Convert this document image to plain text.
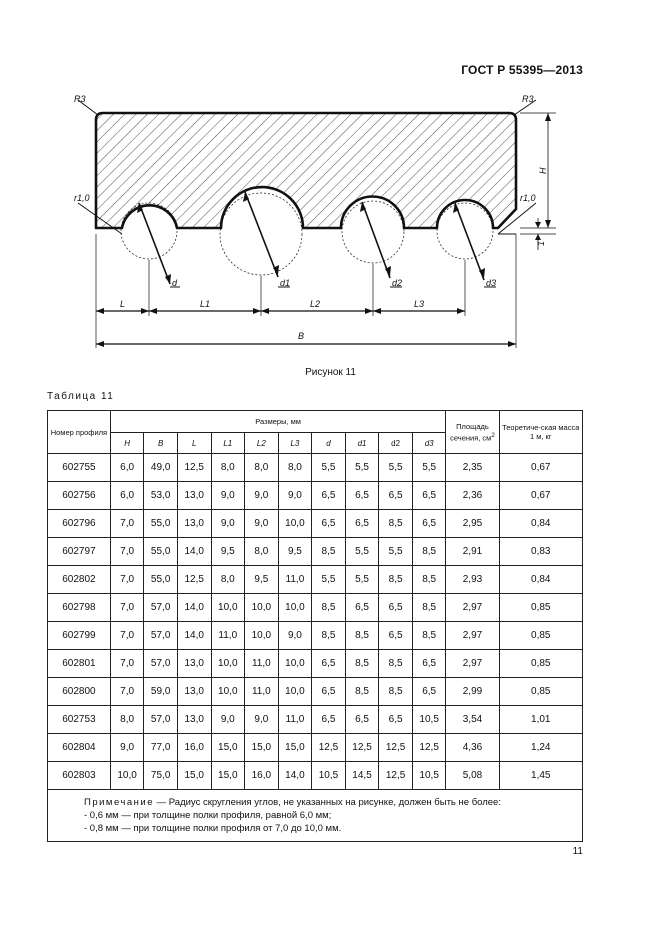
ГОСТ Р 55395—2013
R3	R3
r1,0	r1,0
H
1
d	d1	d2	d3
L	L1	L2	L3
B
Рисунок 11
Таблица 11
Номер профиля	Размеры, мм										Площадь сечения, $см^2$	Теоретиче-ская масса 1 м, кг
	H	B	L	L1	L2	L3	d	d1	d2	d3		
602755	6,0	49,0	12,5	8,0	8,0	8,0	5,5	5,5	5,5	5,5	2,35	0,67
602756	6,0	53,0	13,0	9,0	9,0	9,0	6,5	6,5	6,5	6,5	2,36	0,67
602796	7,0	55,0	13,0	9,0	9,0	10,0	6,5	6,5	8,5	6,5	2,95	0,84
602797	7,0	55,0	14,0	9,5	8,0	9,5	8,5	5,5	5,5	8,5	2,91	0,83
602802	7,0	55,0	12,5	8,0	9,5	11,0	5,5	5,5	8,5	8,5	2,93	0,84
602798	7,0	57,0	14,0	10,0	10,0	10,0	8,5	6,5	6,5	8,5	2,97	0,85
602799	7,0	57,0	14,0	11,0	10,0	9,0	8,5	8,5	6,5	8,5	2,97	0,85
602801	7,0	57,0	13,0	10,0	11,0	10,0	6,5	8,5	8,5	6,5	2,97	0,85
602800	7,0	59,0	13,0	10,0	11,0	10,0	6,5	8,5	8,5	6,5	2,99	0,85
602753	8,0	57,0	13,0	9,0	9,0	11,0	6,5	6,5	6,5	10,5	3,54	1,01
602804	9,0	77,0	16,0	15,0	15,0	15,0	12,5	12,5	12,5	12,5	4,36	1,24
602803	10,0	75,0	15,0	15,0	16,0	14,0	10,5	14,5	12,5	10,5	5,08	1,45

Примечание — Радиус скругления углов, не указанных на рисунке, должен быть не более:
- 0,6 мм — при толщине полки профиля, равной 6,0 мм;
- 0,8 мм — при толщине полки профиля от 7,0 до 10,0 мм.												
11
